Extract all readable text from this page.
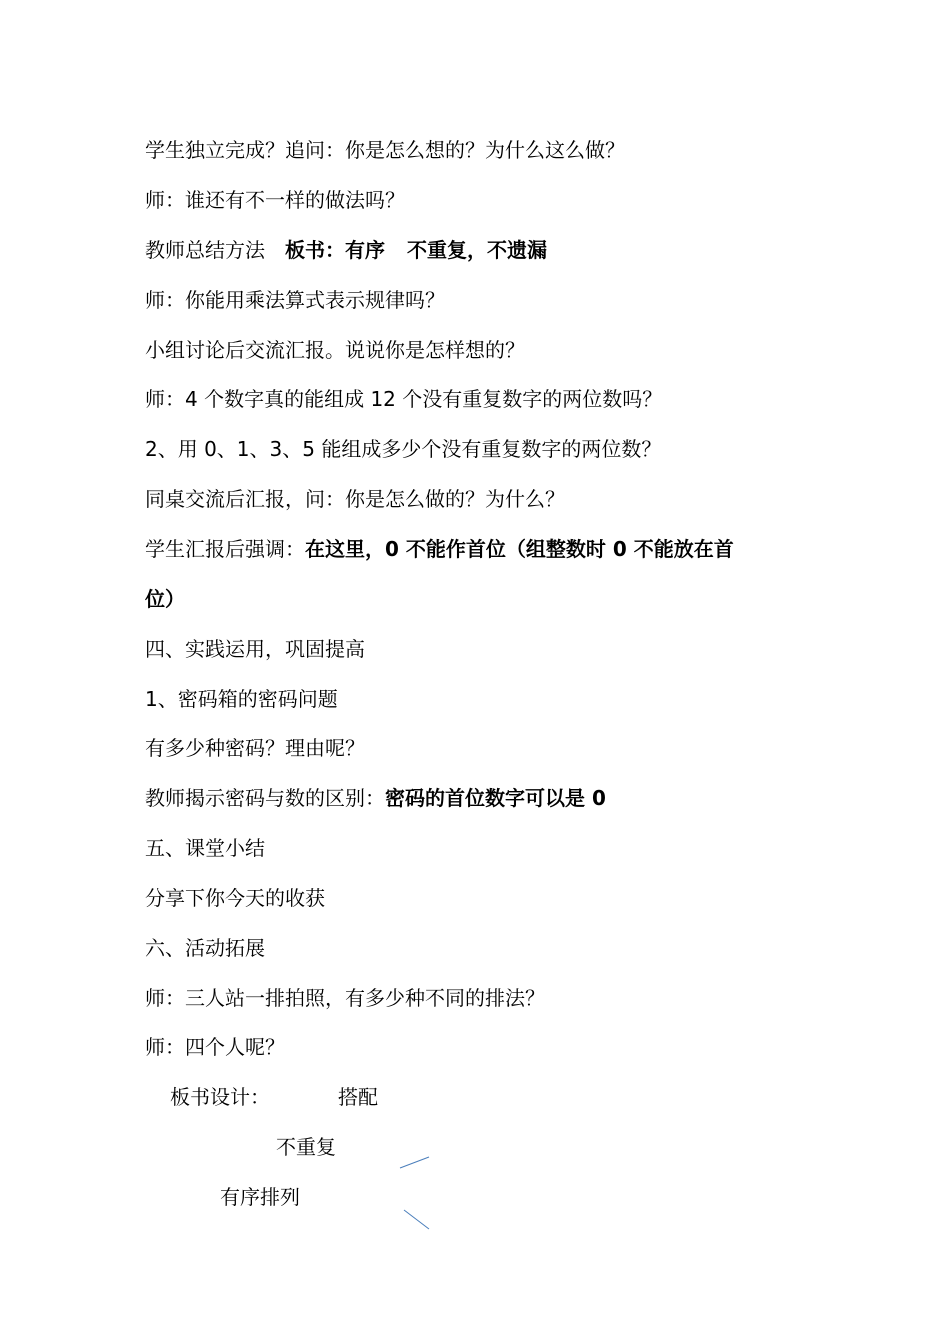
学生独立完成？追问：你是怎么想的？为什么这么做？
师：谁还有不一样的做法吗？
教师总结方法 板书：有序 不重复，不遗漏
师：你能用乘法算式表示规律吗？
小组讨论后交流汇报。说说你是怎样想的？
师：4 个数字真的能组成 12 个没有重复数字的两位数吗？
2、用 0、1、3、5 能组成多少个没有重复数字的两位数？
同桌交流后汇报，问：你是怎么做的？为什么？
学生汇报后强调：在这里，0 不能作首位（组整数时 0 不能放在首
位）
四、实践运用，巩固提高
1、密码箱的密码问题
有多少种密码？理由呢？
教师揭示密码与数的区别：密码的首位数字可以是 0
五、课堂小结
分享下你今天的收获
六、活动拓展
师：三人站一排拍照，有多少种不同的排法？
师：四个人呢？
板书设计：	搭配
不重复
有序排列
